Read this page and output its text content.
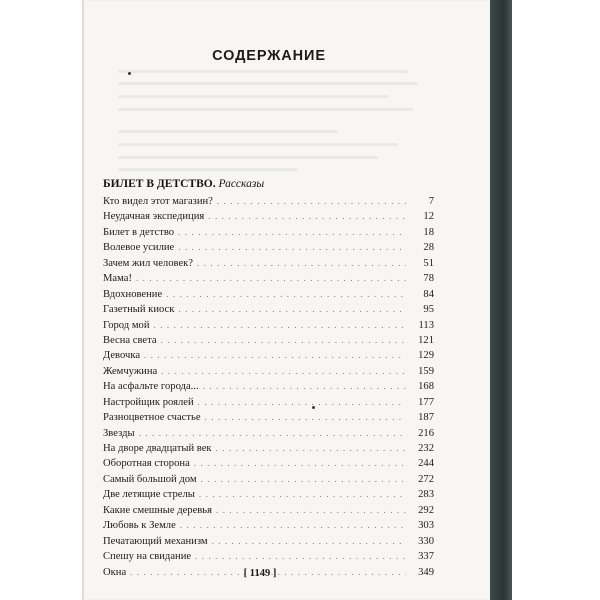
СОДЕРЖАНИЕ
БИЛЕТ В ДЕТСТВО. Рассказы
Кто видел этот магазин? . . .	7
Неудачная экспедиция . . .	12
Билет в детство . . .	18
Волевое усилие . . .	28
Зачем жил человек? . . .	51
Мама! . . .	78
Вдохновение . . .	84
Газетный киоск . . .	95
Город мой . . .	113
Весна света . . .	121
Девочка . . .	129
Жемчужина . . .	159
На асфальте города... . . .	168
Настройщик роялей . . .	177
Разноцветное счастье . . .	187
Звезды . . .	216
На дворе двадцатый век . . .	232
Оборотная сторона . . .	244
Самый большой дом . . .	272
Две летящие стрелы . . .	283
Какие смешные деревья . . .	292
Любовь к Земле . . .	303
Печатающий механизм . . .	330
Спешу на свидание . . .	337
Окна . . .	349
[ 1149 ]
